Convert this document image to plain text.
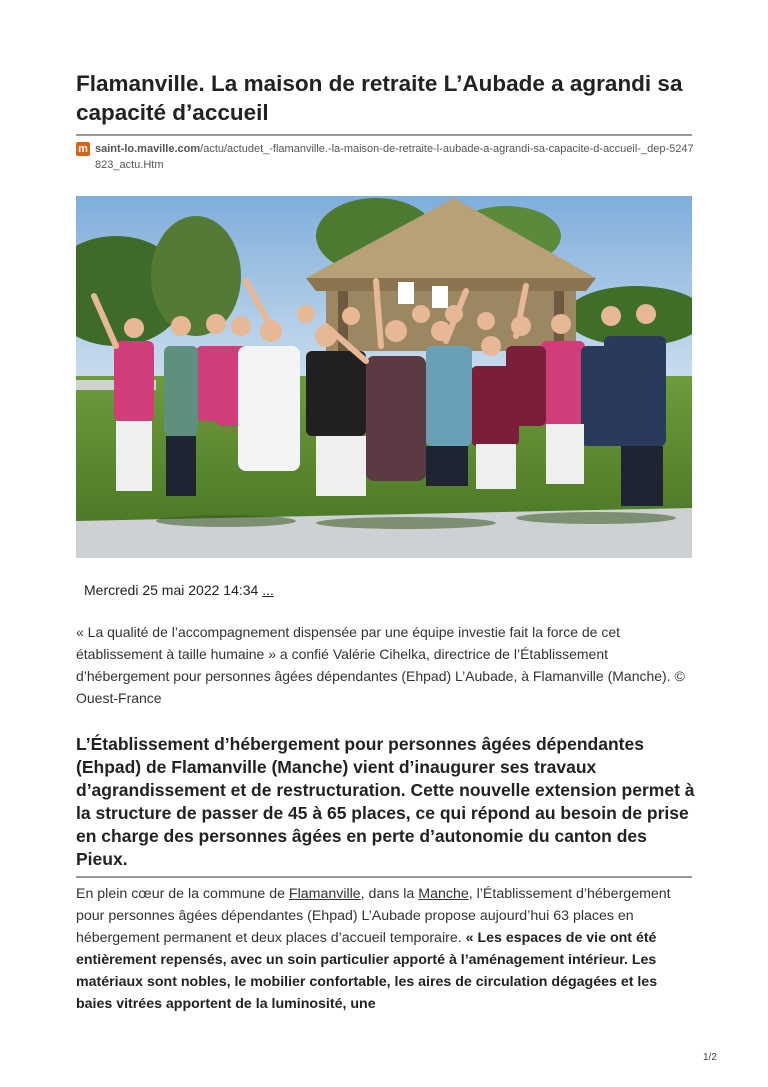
Flamanville. La maison de retraite L’Aubade a agrandi sa capacité d’accueil
m saint-lo.maville.com/actu/actudet_-flamanville.-la-maison-de-retraite-l-aubade-a-agrandi-sa-capacite-d-accueil-_dep-5247823_actu.Htm
Mercredi 25 mai 2022 14:34 ...

« La qualité de l’accompagnement dispensée par une équipe investie fait la force de cet établissement à taille humaine » a confié Valérie Cihelka, directrice de l’Établissement d’hébergement pour personnes âgées dépendantes (Ehpad) L’Aubade, à Flamanville (Manche). © Ouest-France

L’Établissement d’hébergement pour personnes âgées dépendantes (Ehpad) de Flamanville (Manche) vient d’inaugurer ses travaux d’agrandissement et de restructuration. Cette nouvelle extension permet à la structure de passer de 45 à 65 places, ce qui répond au besoin de prise en charge des personnes âgées en perte d’autonomie du canton des Pieux.

En plein cœur de la commune de Flamanville, dans la Manche, l’Établissement d’hébergement pour personnes âgées dépendantes (Ehpad) L’Aubade propose aujourd’hui 63 places en hébergement permanent et deux places d’accueil temporaire. « Les espaces de vie ont été entièrement repensés, avec un soin particulier apporté à l’aménagement intérieur. Les matériaux sont nobles, le mobilier confortable, les aires de circulation dégagées et les baies vitrées apportent de la luminosité, une

1/2
